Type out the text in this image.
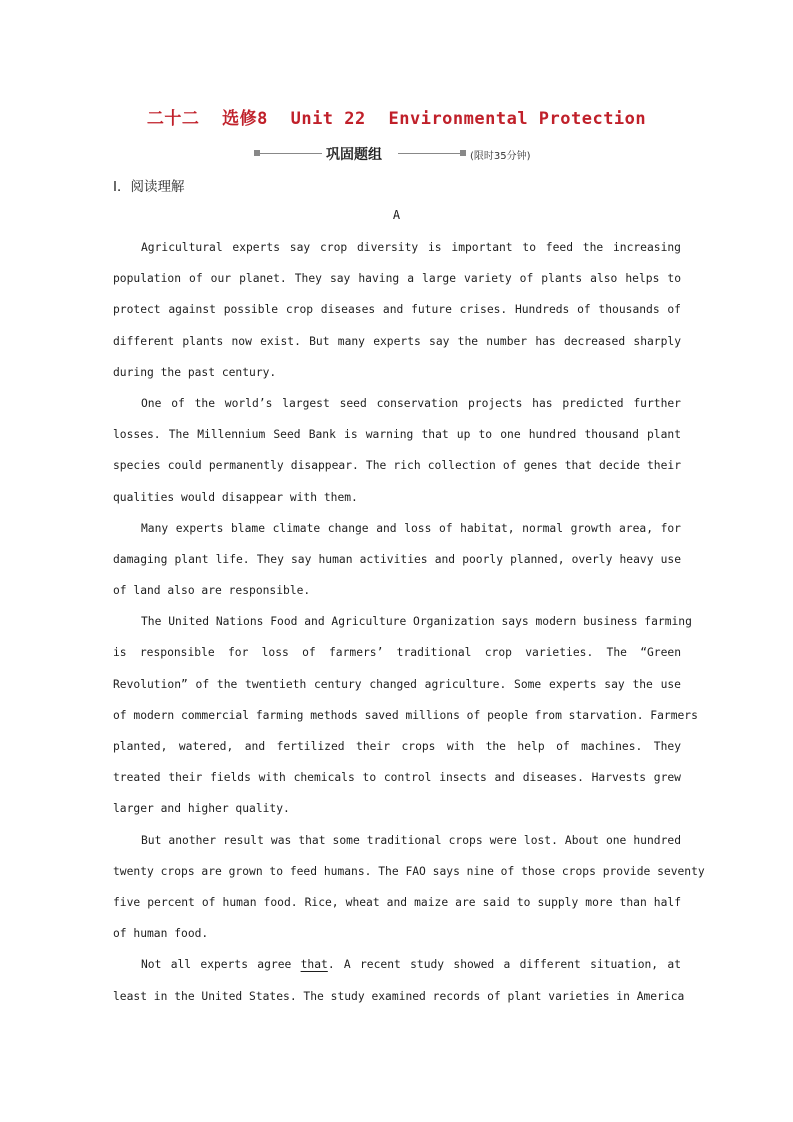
二十二 选修8 Unit 22 Environmental Protection
巩固题组	(限时35分钟)
Ⅰ．阅读理解
A
Agricultural experts say crop diversity is important to feed the increasing
population of our planet. They say having a large variety of plants also helps to
protect against possible crop diseases and future crises. Hundreds of thousands of
different plants now exist. But many experts say the number has decreased sharply
during the past century.
One of the world’s largest seed conservation projects has predicted further
losses. The Millennium Seed Bank is warning that up to one hundred thousand plant
species could permanently disappear. The rich collection of genes that decide their
qualities would disappear with them.
Many experts blame climate change and loss of habitat, normal growth area, for
damaging plant life. They say human activities and poorly planned, overly heavy use
of land also are responsible.
The United Nations Food and Agriculture Organization says modern business farming
is responsible for loss of farmers’ traditional crop varieties. The “Green
Revolution” of the twentieth century changed agriculture. Some experts say the use
of modern commercial farming methods saved millions of people from starvation. Farmers
planted, watered, and fertilized their crops with the help of machines. They
treated their fields with chemicals to control insects and diseases. Harvests grew
larger and higher quality.
But another result was that some traditional crops were lost. About one hundred
twenty crops are grown to feed humans. The FAO says nine of those crops provide seventy
five percent of human food. Rice, wheat and maize are said to supply more than half
of human food.
Not all experts agree that. A recent study showed a different situation, at
least in the United States. The study examined records of plant varieties in America
